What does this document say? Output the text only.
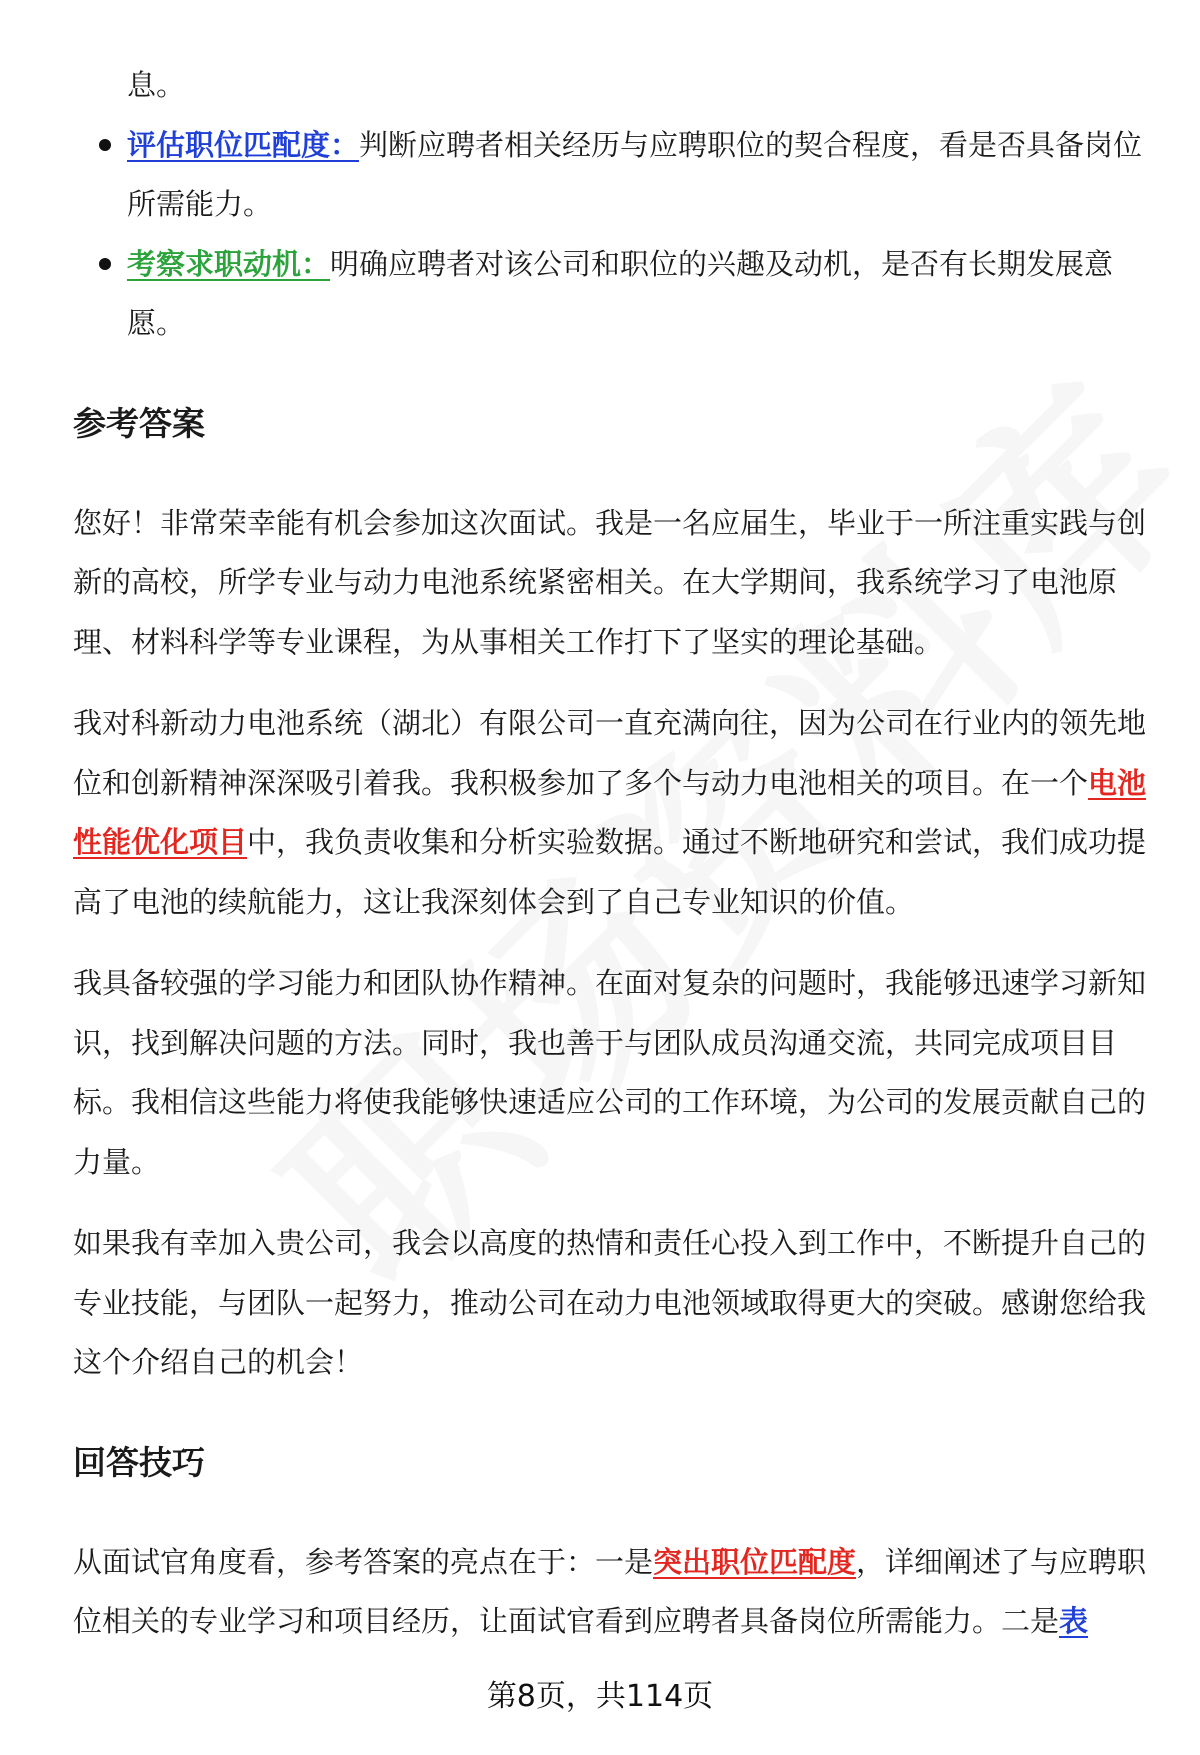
息。

评估职位匹配度：判断应聘者相关经历与应聘职位的契合程度，看是否具备岗位所需能力。

考察求职动机：明确应聘者对该公司和职位的兴趣及动机，是否有长期发展意愿。

参考答案

您好！非常荣幸能有机会参加这次面试。我是一名应届生，毕业于一所注重实践与创新的高校，所学专业与动力电池系统紧密相关。在大学期间，我系统学习了电池原理、材料科学等专业课程，为从事相关工作打下了坚实的理论基础。

我对科新动力电池系统（湖北）有限公司一直充满向往，因为公司在行业内的领先地位和创新精神深深吸引着我。我积极参加了多个与动力电池相关的项目。在一个电池性能优化项目中，我负责收集和分析实验数据。通过不断地研究和尝试，我们成功提高了电池的续航能力，这让我深刻体会到了自己专业知识的价值。

我具备较强的学习能力和团队协作精神。在面对复杂的问题时，我能够迅速学习新知识，找到解决问题的方法。同时，我也善于与团队成员沟通交流，共同完成项目目标。我相信这些能力将使我能够快速适应公司的工作环境，为公司的发展贡献自己的力量。

如果我有幸加入贵公司，我会以高度的热情和责任心投入到工作中，不断提升自己的专业技能，与团队一起努力，推动公司在动力电池领域取得更大的突破。感谢您给我这个介绍自己的机会！

回答技巧

从面试官角度看，参考答案的亮点在于：一是突出职位匹配度，详细阐述了与应聘职位相关的专业学习和项目经历，让面试官看到应聘者具备岗位所需能力。二是表

第8页，共114页
